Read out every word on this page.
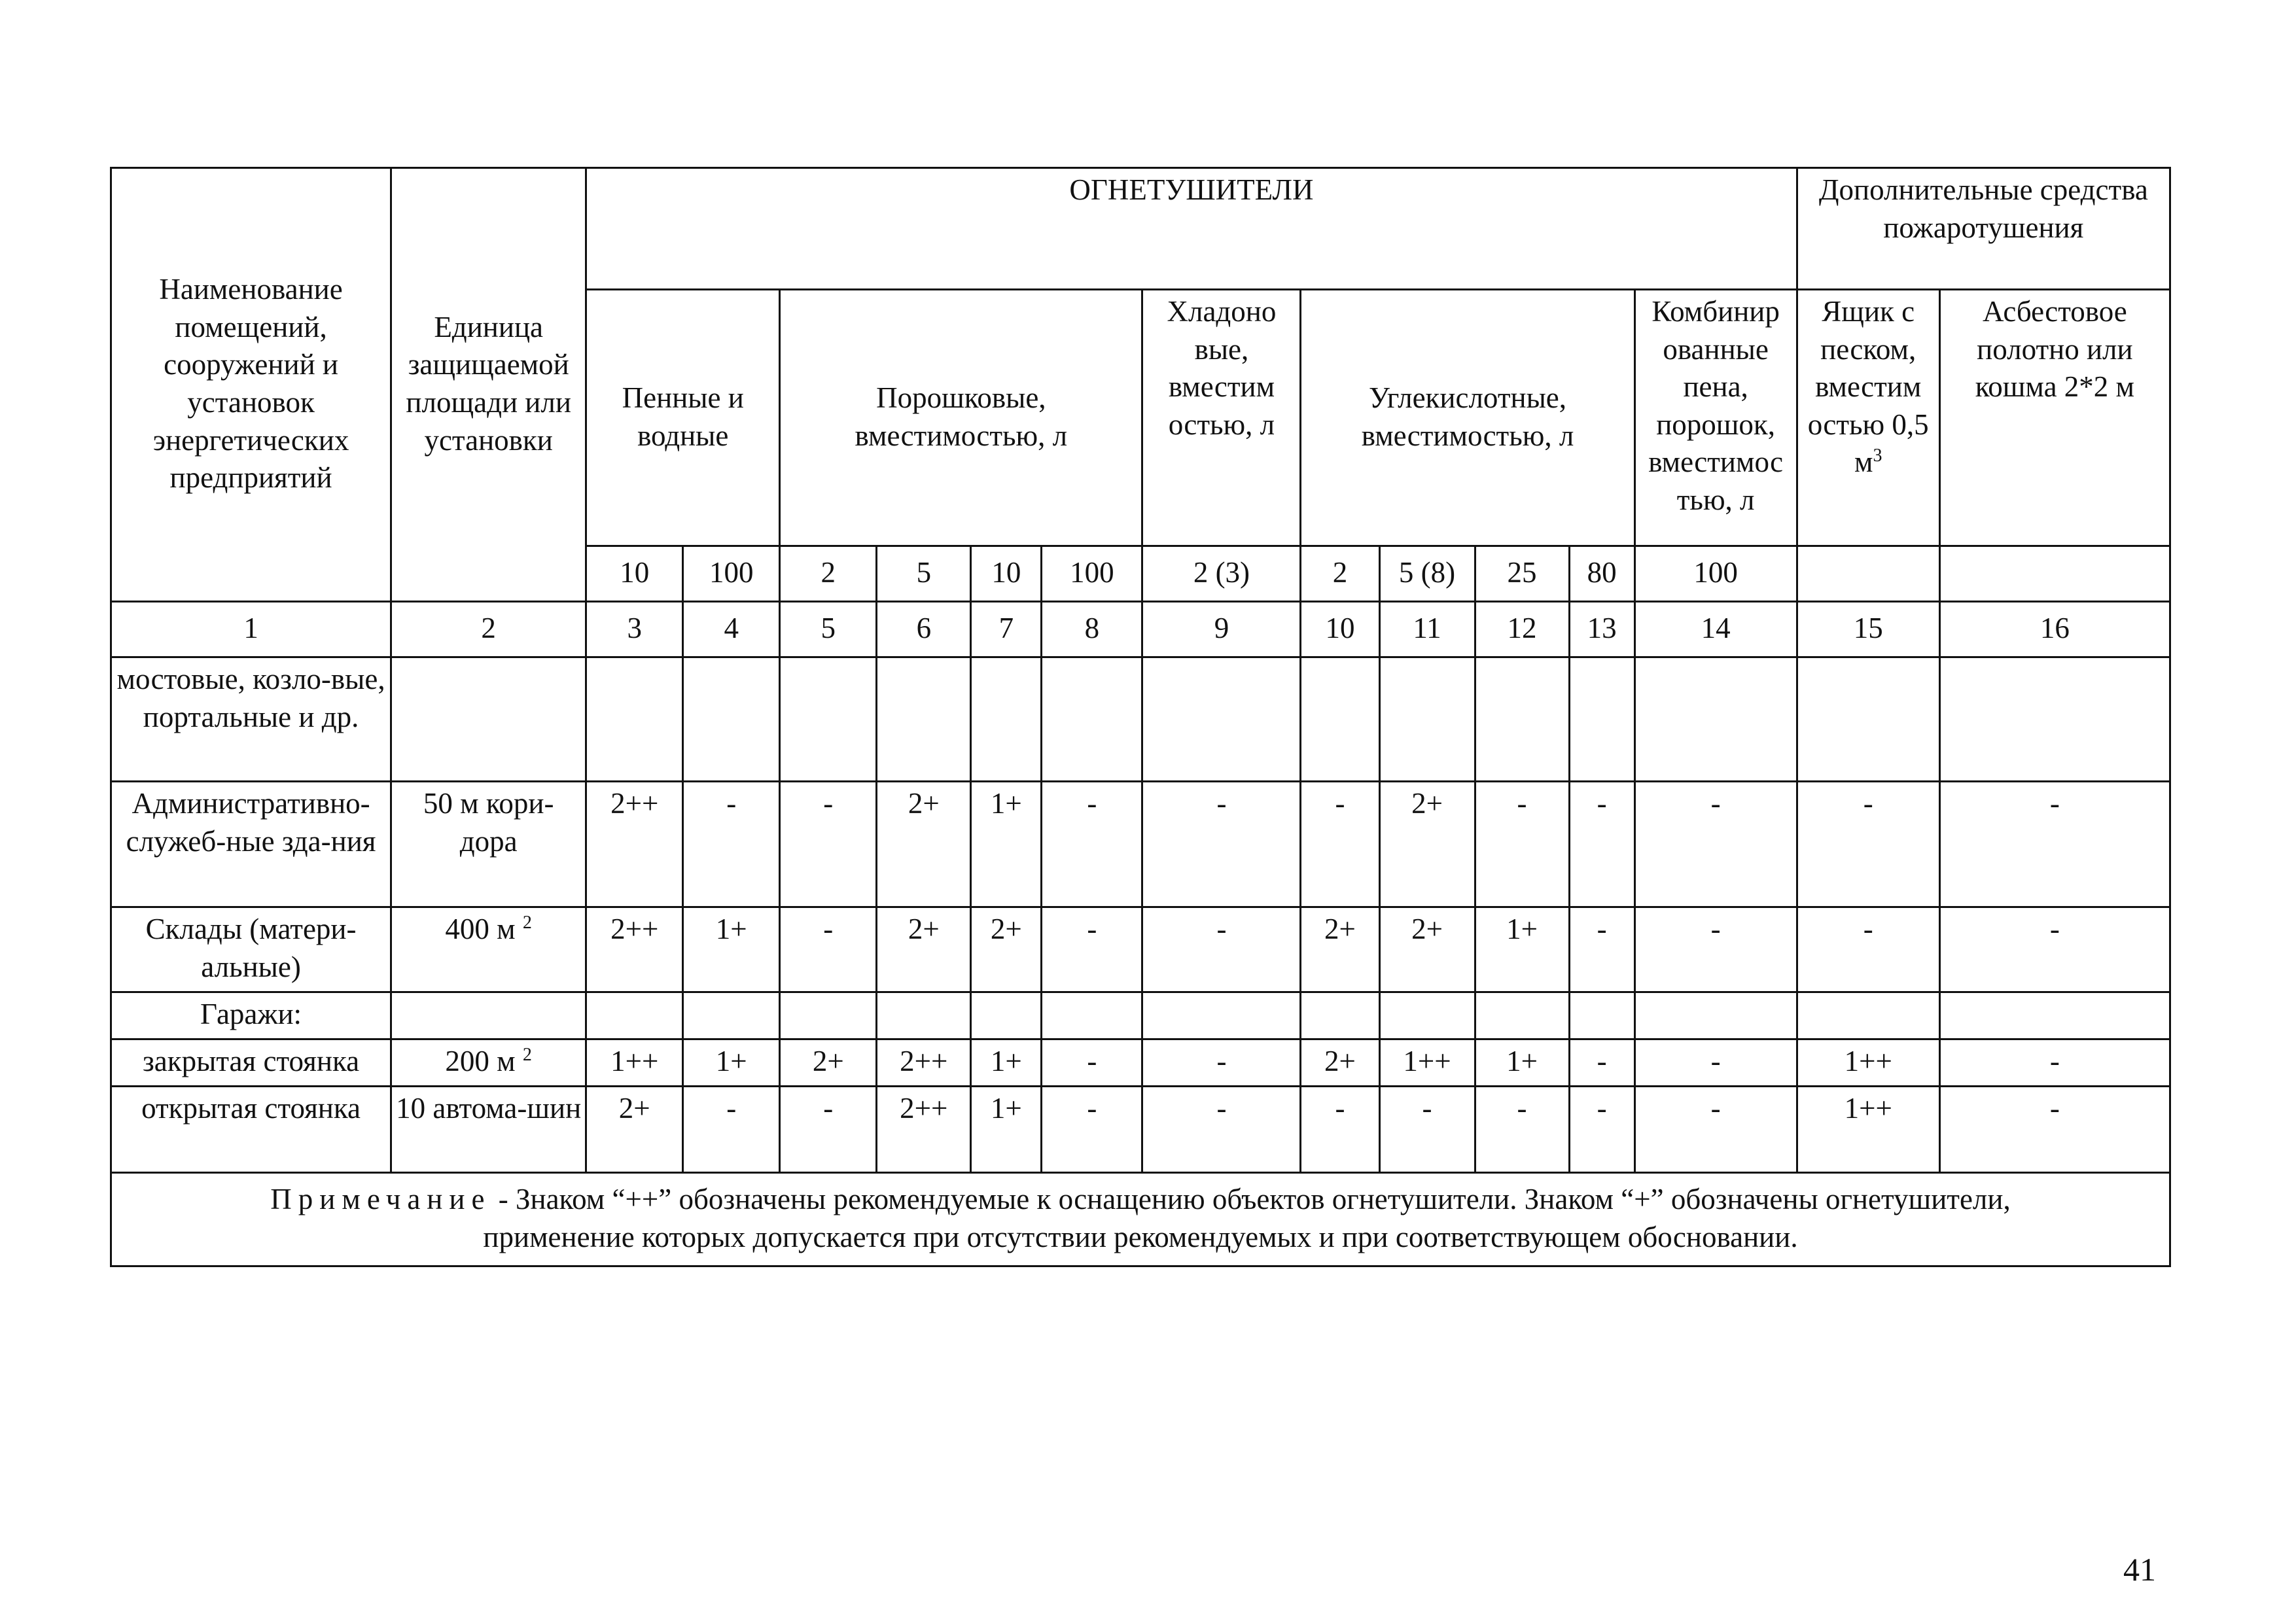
Наименование помещений, сооружений и установок энергетических предприятий	Единица защищаемой площади или установки	ОГНЕТУШИТЕЛИ												Дополнительные средства пожаротушения	
		Пенные и водные		Порошковые, вместимостью, л				Хладоно вые, вместим остью, л	Углекислотные, вместимостью, л				Комбинир ованные пена, порошок, вместимос тью, л	Ящик с песком, вместим остью 0,5 $м^3$	Асбестовое полотно или кошма 2*2 м
		10	100	2	5	10	100	2 (3)	2	5 (8)	25	80	100		
1	2	3	4	5	6	7	8	9	10	11	12	13	14	15	16
мостовые, козло-вые, портальные и др.															
Административно-служеб-ные зда-ния	50 м кори-дора	2++	-	-	2+	1+	-	-	-	2+	-	-	-	-	-
Склады (матери-альные)	400 м $^2$	2++	1+	-	2+	2+	-	-	2+	2+	1+	-	-	-	-
Гаражи:															
закрытая стоянка	200 м $^2$	1++	1+	2+	2++	1+	-	-	2+	1++	1+	-	-	1++	-
открытая стоянка	10 автома-шин	2+	-	-	2++	1+	-	-	-	-	-	-	-	1++	-
Примечание - Знаком “++” обозначены рекомендуемые к оснащению объектов огнетушители. Знаком “+” обозначены огнетушители,
применение которых допускается при отсутствии рекомендуемых и при соответствующем обосновании.															
41
